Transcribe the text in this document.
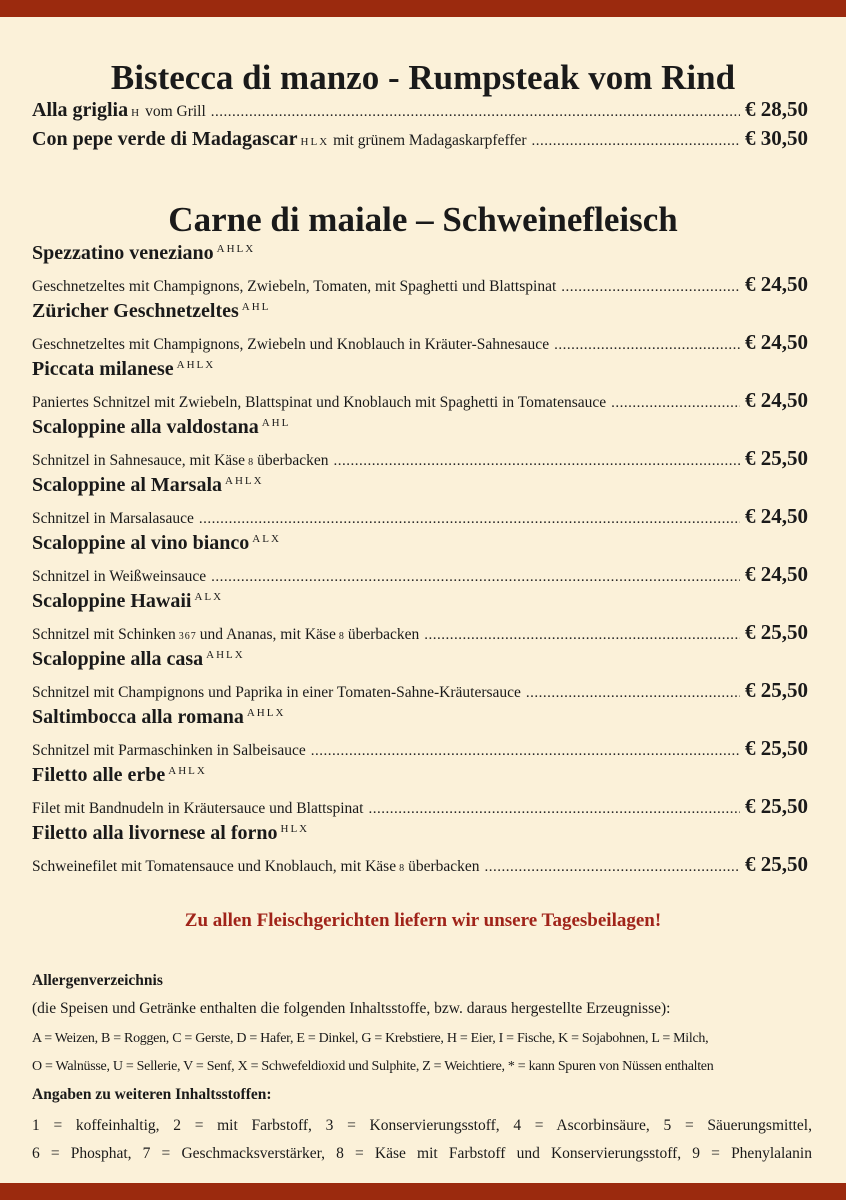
Bistecca di manzo - Rumpsteak vom Rind
Alla griglia H vom Grill .....	€ 28,50
Con pepe verde di Madagascar HLX mit grünem Madagaskarpfeffer .....	€ 30,50
Carne di maiale – Schweinefleisch
Spezzatino veneziano $^{AHLX}$
Geschnetzeltes mit Champignons, Zwiebeln, Tomaten, mit Spaghetti und Blattspinat .....	€ 24,50
Züricher Geschnetzeltes $^{AHL}$
Geschnetzeltes mit Champignons, Zwiebeln und Knoblauch in Kräuter-Sahnesauce .....	€ 24,50
Piccata milanese $^{AHLX}$
Paniertes Schnitzel mit Zwiebeln, Blattspinat und Knoblauch mit Spaghetti in Tomatensauce .....	€ 24,50
Scaloppine alla valdostana $^{AHL}$
Schnitzel in Sahnesauce, mit Käse 8 überbacken .....	€ 25,50
Scaloppine al Marsala $^{AHLX}$
Schnitzel in Marsalasauce .....	€ 24,50
Scaloppine al vino bianco $^{ALX}$
Schnitzel in Weißweinsauce .....	€ 24,50
Scaloppine Hawaii $^{ALX}$
Schnitzel mit Schinken 367 und Ananas, mit Käse 8 überbacken .....	€ 25,50
Scaloppine alla casa $^{AHLX}$
Schnitzel mit Champignons und Paprika in einer Tomaten-Sahne-Kräutersauce .....	€ 25,50
Saltimbocca alla romana $^{AHLX}$
Schnitzel mit Parmaschinken in Salbeisauce .....	€ 25,50
Filetto alle erbe $^{AHLX}$
Filet mit Bandnudeln in Kräutersauce und Blattspinat .....	€ 25,50
Filetto alla livornese al forno $^{HLX}$
Schweinefilet mit Tomatensauce und Knoblauch, mit Käse 8 überbacken .....	€ 25,50
Zu allen Fleischgerichten liefern wir unsere Tagesbeilagen!
Allergenverzeichnis
(die Speisen und Getränke enthalten die folgenden Inhaltsstoffe, bzw. daraus hergestellte Erzeugnisse):
A = Weizen, B = Roggen, C = Gerste, D = Hafer, E = Dinkel, G = Krebstiere, H = Eier, I = Fische, K = Sojabohnen, L = Milch,
O = Walnüsse, U = Sellerie, V = Senf, X = Schwefeldioxid und Sulphite, Z = Weichtiere, * = kann Spuren von Nüssen enthalten
Angaben zu weiteren Inhaltsstoffen:
1 = koffeinhaltig, 2 = mit Farbstoff, 3 = Konservierungsstoff, 4 = Ascorbinsäure, 5 = Säuerungsmittel,
6 = Phosphat, 7 = Geschmacksverstärker, 8 = Käse mit Farbstoff und Konservierungsstoff, 9 = Phenylalanin
